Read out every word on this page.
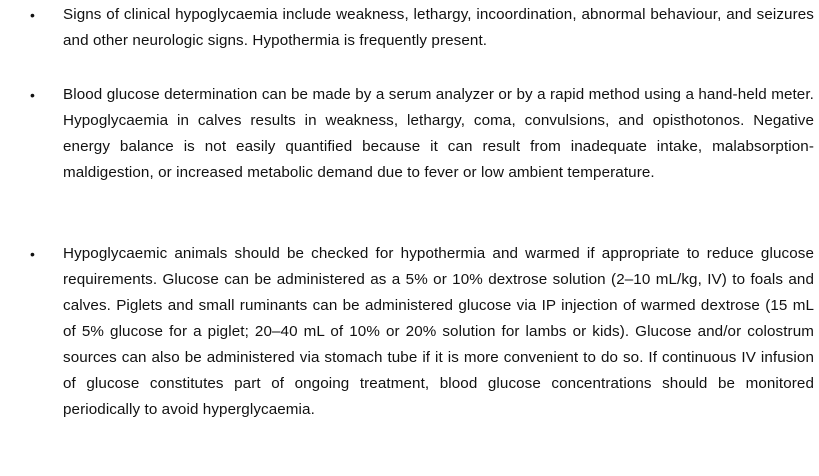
• Signs of clinical hypoglycaemia include weakness, lethargy, incoordination, abnormal behaviour, and seizures and other neurologic signs. Hypothermia is frequently present.
• Blood glucose determination can be made by a serum analyzer or by a rapid method using a hand-held meter. Hypoglycaemia in calves results in weakness, lethargy, coma, convulsions, and opisthotonos. Negative energy balance is not easily quantified because it can result from inadequate intake, malabsorption-maldigestion, or increased metabolic demand due to fever or low ambient temperature.
• Hypoglycaemic animals should be checked for hypothermia and warmed if appropriate to reduce glucose requirements. Glucose can be administered as a 5% or 10% dextrose solution (2–10 mL/kg, IV) to foals and calves. Piglets and small ruminants can be administered glucose via IP injection of warmed dextrose (15 mL of 5% glucose for a piglet; 20–40 mL of 10% or 20% solution for lambs or kids). Glucose and/or colostrum sources can also be administered via stomach tube if it is more convenient to do so. If continuous IV infusion of glucose constitutes part of ongoing treatment, blood glucose concentrations should be monitored periodically to avoid hyperglycaemia.
